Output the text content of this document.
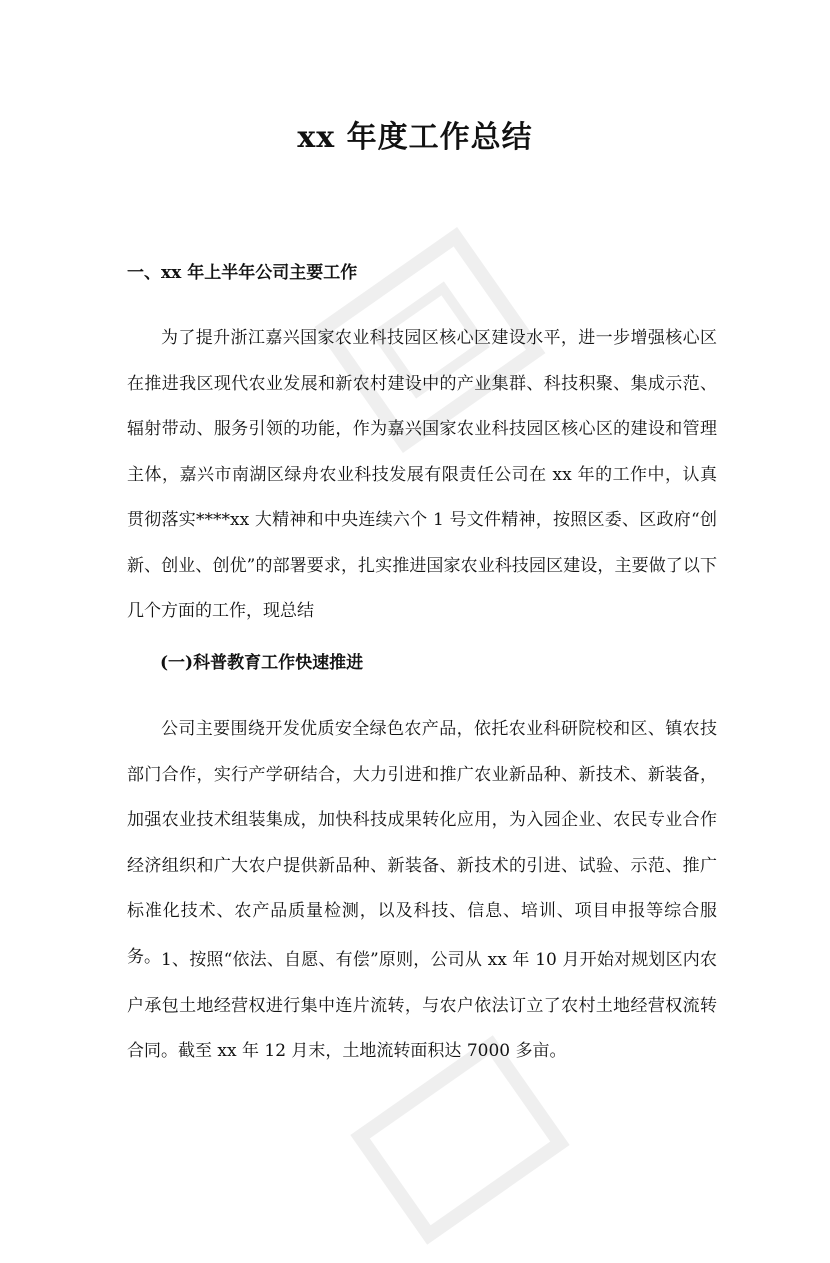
xx 年度工作总结
一、xx 年上半年公司主要工作

为了提升浙江嘉兴国家农业科技园区核心区建设水平，进一步增强核心区在推进我区现代农业发展和新农村建设中的产业集群、科技积聚、集成示范、辐射带动、服务引领的功能，作为嘉兴国家农业科技园区核心区的建设和管理主体，嘉兴市南湖区绿舟农业科技发展有限责任公司在 xx 年的工作中，认真贯彻落实****xx 大精神和中央连续六个 1 号文件精神，按照区委、区政府“创新、创业、创优”的部署要求，扎实推进国家农业科技园区建设，主要做了以下几个方面的工作，现总结

(一)科普教育工作快速推进

公司主要围绕开发优质安全绿色农产品，依托农业科研院校和区、镇农技部门合作，实行产学研结合，大力引进和推广农业新品种、新技术、新装备，加强农业技术组装集成，加快科技成果转化应用，为入园企业、农民专业合作经济组织和广大农户提供新品种、新装备、新技术的引进、试验、示范、推广标准化技术、农产品质量检测，以及科技、信息、培训、项目申报等综合服务。 1、按照“依法、自愿、有偿”原则，公司从 xx 年 10 月开始对规划区内农户承包土地经营权进行集中连片流转，与农户依法订立了农村土地经营权流转合同。截至 xx 年 12 月末，土地流转面积达 7000 多亩。
